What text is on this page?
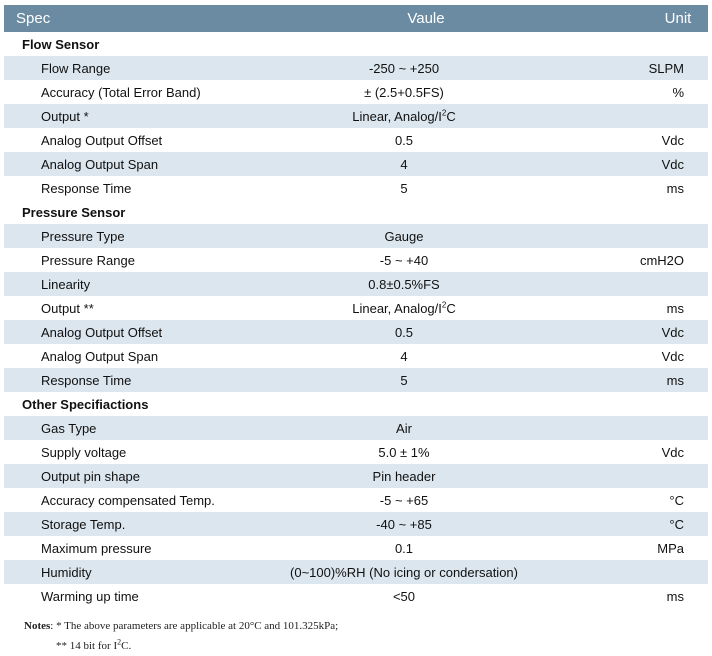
Spec	Vaule	Unit
Flow Sensor
Flow Range	-250 ~ +250	SLPM
Accuracy (Total Error Band)	± (2.5+0.5FS)	%
Output *	Linear, Analog/$I^2C$
Analog Output Offset	0.5	Vdc
Analog Output Span	4	Vdc
Response Time	5	ms
Pressure Sensor
Pressure Type	Gauge
Pressure Range	-5 ~ +40	cmH2O
Linearity	0.8±0.5%FS
Output **	Linear, Analog/$I^2C$	ms
Analog Output Offset	0.5	Vdc
Analog Output Span	4	Vdc
Response Time	5	ms
Other Specifiactions
Gas Type	Air
Supply voltage	5.0 ± 1%	Vdc
Output pin shape	Pin header
Accuracy compensated Temp.	-5 ~ +65	°C
Storage Temp.	-40 ~ +85	°C
Maximum pressure	0.1	MPa
Humidity	(0~100)%RH (No icing or condersation)
Warming up time	<50	ms
Notes: * The above parameters are applicable at 20°C and 101.325kPa;
** 14 bit for $I^2C$.
